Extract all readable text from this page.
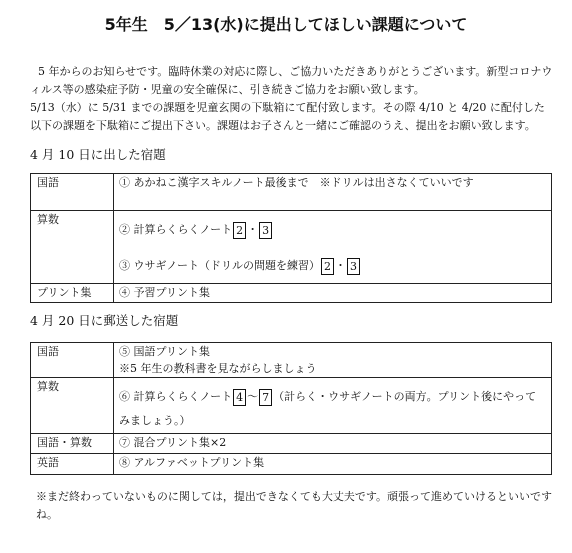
5年生　5／13(水)に提出してほしい課題について

5 年からのお知らせです。臨時休業の対応に際し、ご協力いただきありがとうございます。新型コロナウィルス等の感染症予防・児童の安全確保に、引き続きご協力をお願い致します。

5/13（水）に 5/31 までの課題を児童玄関の下駄箱にて配付致します。その際 4/10 と 4/20 に配付した以下の課題を下駄箱にご提出下さい。課題はお子さんと一緒にご確認のうえ、提出をお願い致します。

4 月 10 日に出した宿題
国語	① あかねこ漢字スキルノート最後まで　※ドリルは出さなくていいです

算数	② 計算らくらくノート 2 ・ 3
③ ウサギノート（ドリルの問題を練習） 2 ・ 3

プリント集	④ 予習プリント集
4 月 20 日に郵送した宿題
国語	⑤ 国語プリント集
※5 年生の教科書を見ながらしましょう

算数	⑥ 計算らくらくノート 4 ～ 7 （計らく・ウサギノートの両方。プリント後にやってみましょう。）

国語・算数	⑦ 混合プリント集×2

英語	⑧ アルファベットプリント集
※まだ終わっていないものに関しては，提出できなくても大丈夫です。頑張って進めていけるといいですね。
